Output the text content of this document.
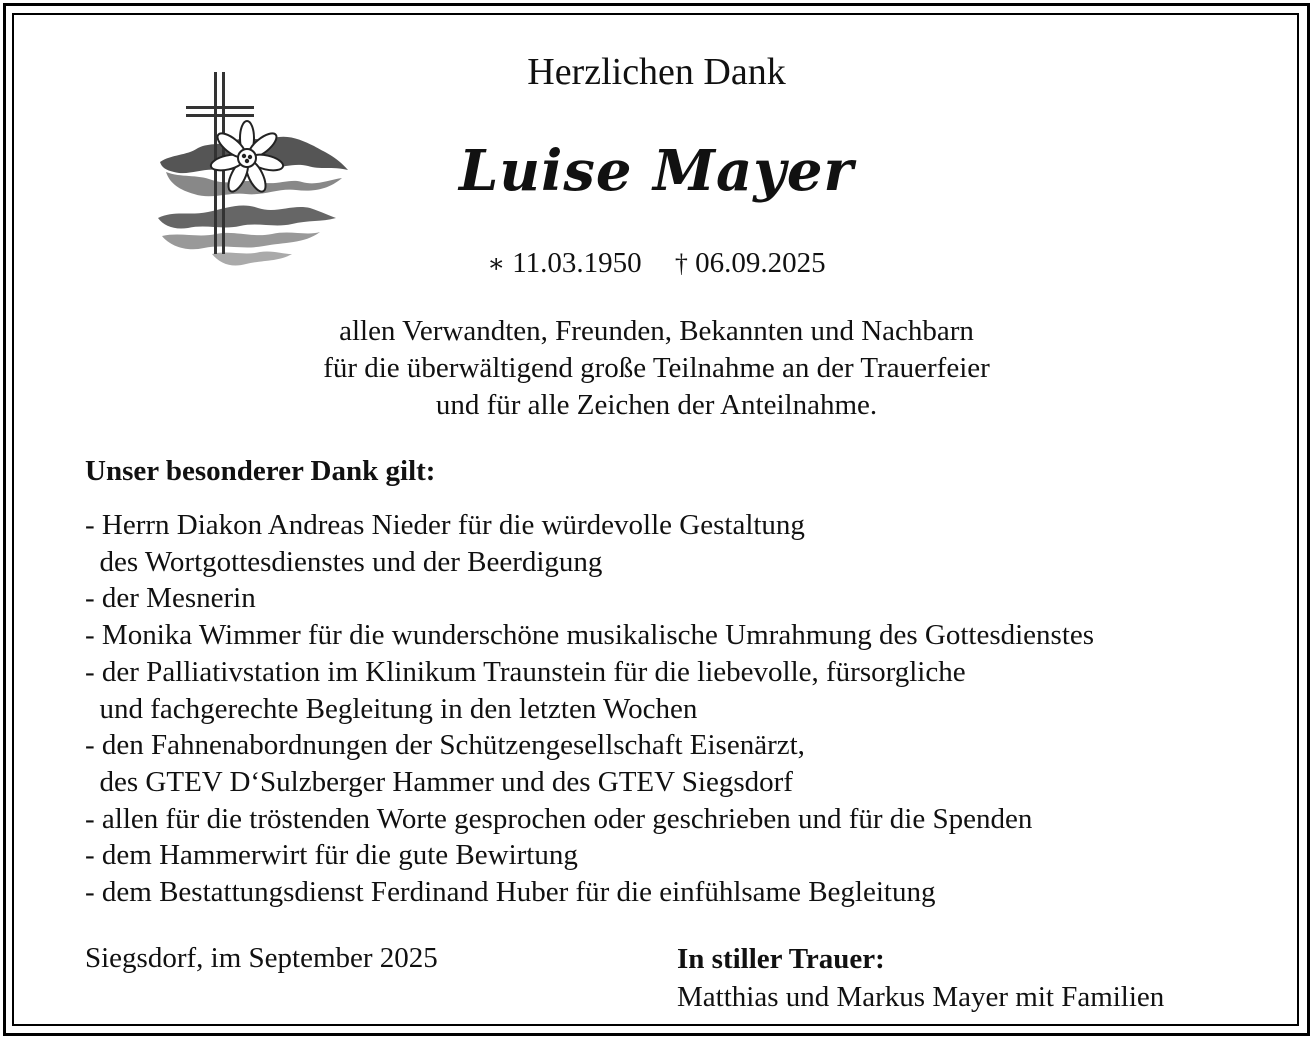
Herzlichen Dank
Luise Mayer
∗ 11.03.1950 † 06.09.2025
allen Verwandten, Freunden, Bekannten und Nachbarn
für die überwältigend große Teilnahme an der Trauerfeier
und für alle Zeichen der Anteilnahme.
Unser besonderer Dank gilt:
- Herrn Diakon Andreas Nieder für die würdevolle Gestaltung
des Wortgottesdienstes und der Beerdigung
- der Mesnerin
- Monika Wimmer für die wunderschöne musikalische Umrahmung des Gottesdienstes
- der Palliativstation im Klinikum Traunstein für die liebevolle, fürsorgliche
und fachgerechte Begleitung in den letzten Wochen
- den Fahnenabordnungen der Schützengesellschaft Eisenärzt,
des GTEV D‘Sulzberger Hammer und des GTEV Siegsdorf
- allen für die tröstenden Worte gesprochen oder geschrieben und für die Spenden
- dem Hammerwirt für die gute Bewirtung
- dem Bestattungsdienst Ferdinand Huber für die einfühlsame Begleitung
Siegsdorf, im September 2025	In stiller Trauer:
Matthias und Markus Mayer mit Familien
